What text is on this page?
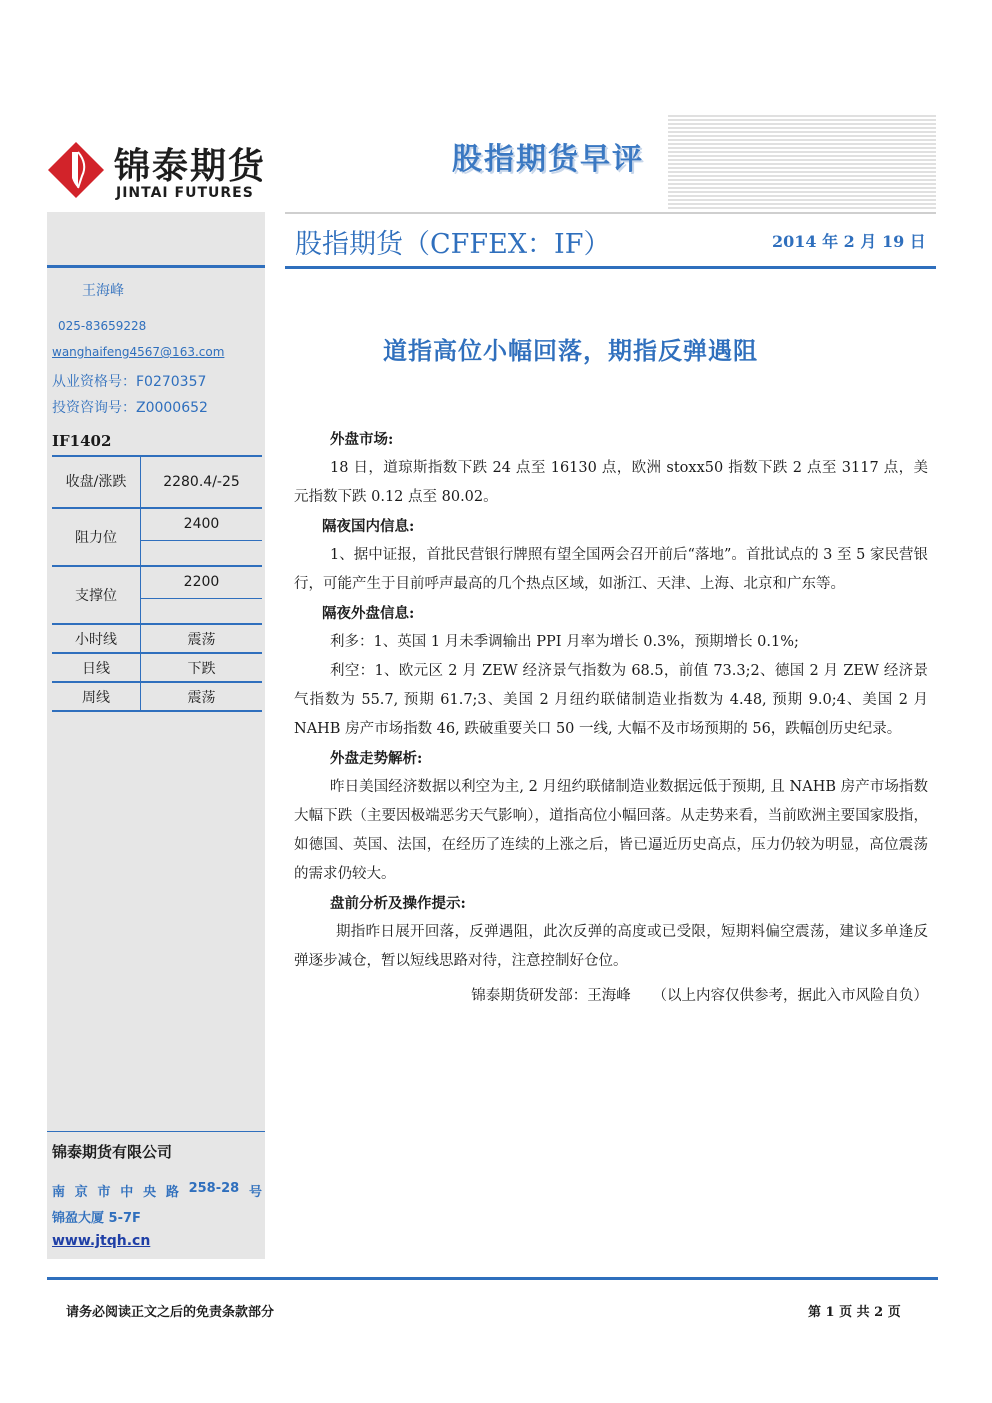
锦泰期货
JINTAI FUTURES
股指期货早评
股指期货（CFFEX：IF）	2014 年 2 月 19 日
王海峰
025-83659228
wanghaifeng4567@163.com
从业资格号：F0270357
投资咨询号：Z0000652
IF1402
收盘/涨跌	2280.4/-25
阻力位	2400

支撑位	2200

小时线	震荡
日线	下跌
周线	震荡
锦泰期货有限公司
南 京 市 中 央 路 258-28 号
锦盈大厦 5-7F
www.jtqh.cn
道指高位小幅回落，期指反弹遇阻

外盘市场:

18 日，道琼斯指数下跌 24 点至 16130 点，欧洲 stoxx50 指数下跌 2 点至 3117 点，美元指数下跌 0.12 点至 80.02。

隔夜国内信息:

1、据中证报，首批民营银行牌照有望全国两会召开前后“落地”。首批试点的 3 至 5 家民营银行，可能产生于目前呼声最高的几个热点区域，如浙江、天津、上海、北京和广东等。

隔夜外盘信息:

利多：1、英国 1 月未季调输出 PPI 月率为增长 0.3%，预期增长 0.1%;

利空：1、欧元区 2 月 ZEW 经济景气指数为 68.5，前值 73.3;2、德国 2 月 ZEW 经济景气指数为 55.7, 预期 61.7;3、美国 2 月纽约联储制造业指数为 4.48, 预期 9.0;4、美国 2 月 NAHB 房产市场指数 46, 跌破重要关口 50 一线, 大幅不及市场预期的 56，跌幅创历史纪录。

外盘走势解析:

昨日美国经济数据以利空为主, 2 月纽约联储制造业数据远低于预期, 且 NAHB 房产市场指数大幅下跌（主要因极端恶劣天气影响），道指高位小幅回落。从走势来看，当前欧洲主要国家股指，如德国、英国、法国，在经历了连续的上涨之后，皆已逼近历史高点，压力仍较为明显，高位震荡的需求仍较大。

盘前分析及操作提示:

期指昨日展开回落，反弹遇阻，此次反弹的高度或已受限，短期料偏空震荡，建议多单逢反弹逐步减仓，暂以短线思路对待，注意控制好仓位。

锦泰期货研发部：王海峰　　（以上内容仅供参考，据此入市风险自负）

请务必阅读正文之后的免责条款部分	第 1 页 共 2 页
